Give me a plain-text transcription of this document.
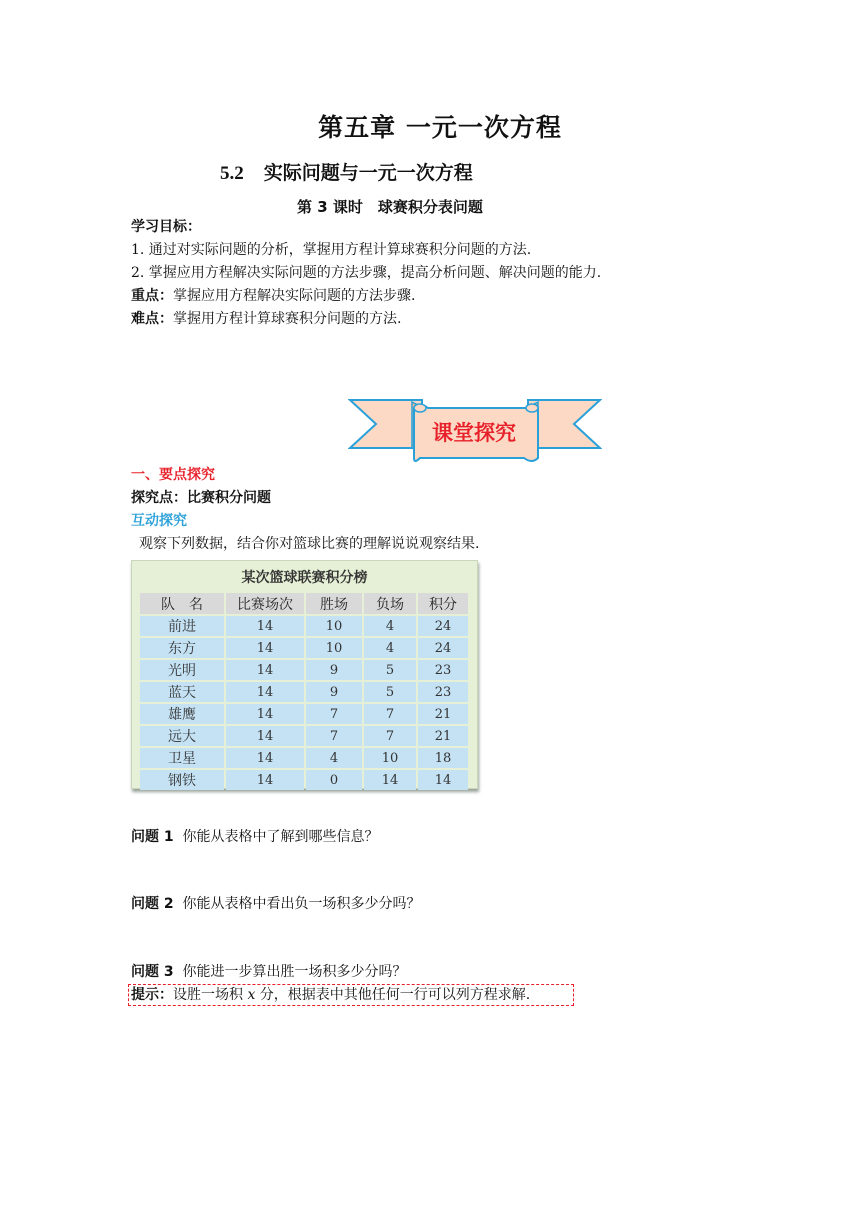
第五章 一元一次方程
5.2 实际问题与一元一次方程
第 3 课时　球赛积分表问题
学习目标：
1. 通过对实际问题的分析，掌握用方程计算球赛积分问题的方法.
2. 掌握应用方程解决实际问题的方法步骤，提高分析问题、解决问题的能力.
重点：掌握应用方程解决实际问题的方法步骤.
难点：掌握用方程计算球赛积分问题的方法.
课堂探究
一、要点探究
探究点：比赛积分问题
互动探究
观察下列数据，结合你对篮球比赛的理解说说观察结果.
某次篮球联赛积分榜
队　名	比赛场次	胜场	负场	积分
前进	14	10	4	24
东方	14	10	4	24
光明	14	9	5	23
蓝天	14	9	5	23
雄鹰	14	7	7	21
远大	14	7	7	21
卫星	14	4	10	18
钢铁	14	0	14	14
问题 1 你能从表格中了解到哪些信息？
问题 2 你能从表格中看出负一场积多少分吗？
问题 3 你能进一步算出胜一场积多少分吗？
提示：设胜一场积 x 分，根据表中其他任何一行可以列方程求解.
